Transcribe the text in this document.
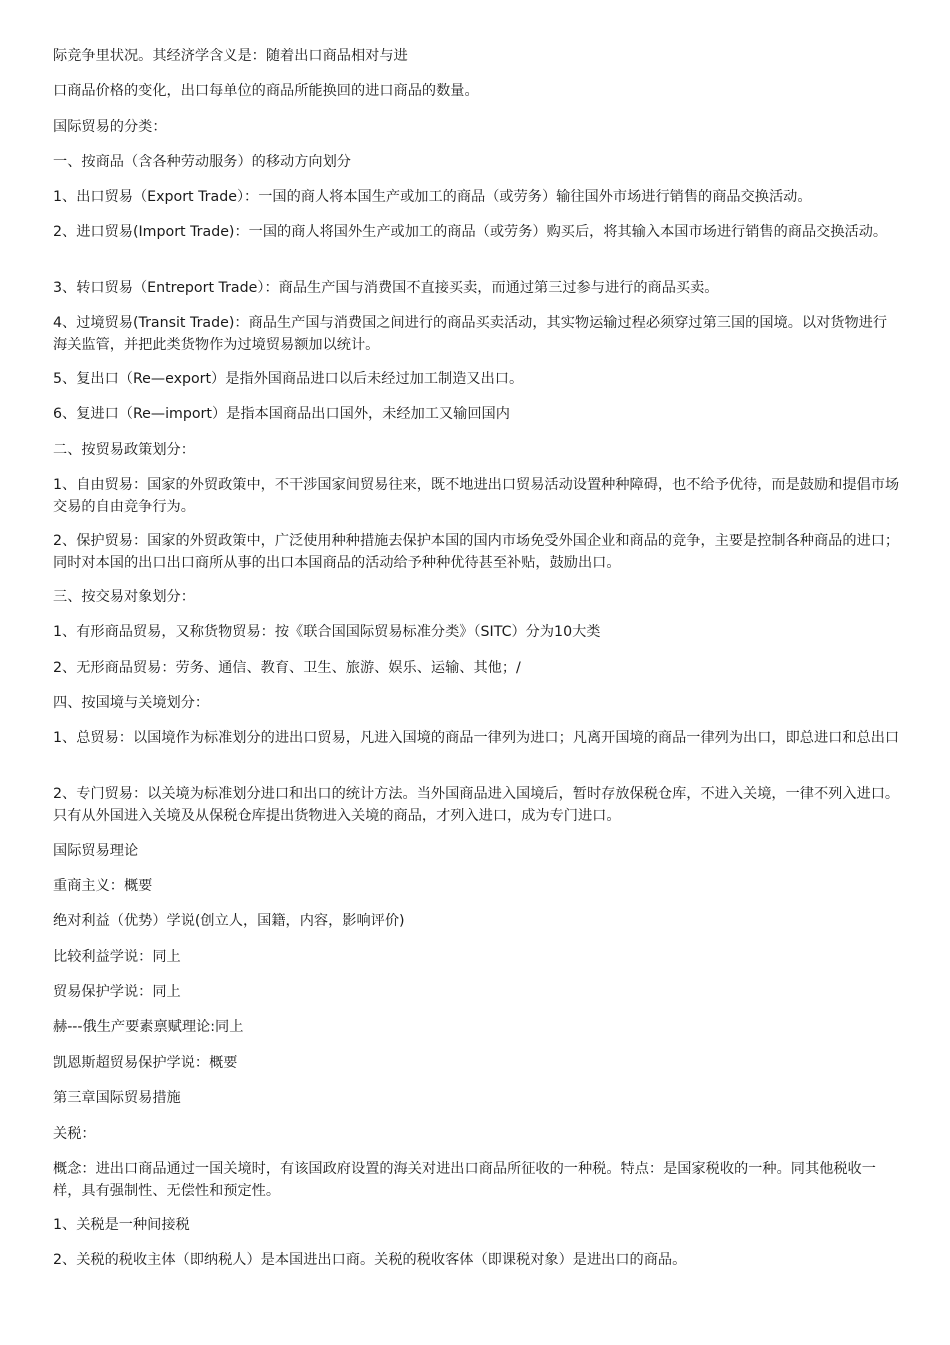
际竞争里状况。其经济学含义是：随着出口商品相对与进

口商品价格的变化，出口每单位的商品所能换回的进口商品的数量。

国际贸易的分类：

一、按商品（含各种劳动服务）的移动方向划分

1、出口贸易（Export Trade）：一国的商人将本国生产或加工的商品（或劳务）输往国外市场进行销售的商品交换活动。

2、进口贸易(Import Trade)：一国的商人将国外生产或加工的商品（或劳务）购买后，将其输入本国市场进行销售的商品交换活动。

3、转口贸易（Entreport Trade）：商品生产国与消费国不直接买卖，而通过第三过参与进行的商品买卖。

4、过境贸易(Transit Trade)：商品生产国与消费国之间进行的商品买卖活动，其实物运输过程必须穿过第三国的国境。以对货物进行海关监管，并把此类货物作为过境贸易额加以统计。

5、复出口（Re—export）是指外国商品进口以后未经过加工制造又出口。

6、复进口（Re—import）是指本国商品出口国外，未经加工又输回国内

二、按贸易政策划分：

1、自由贸易：国家的外贸政策中，不干涉国家间贸易往来，既不地进出口贸易活动设置种种障碍，也不给予优待，而是鼓励和提倡市场交易的自由竞争行为。

2、保护贸易：国家的外贸政策中，广泛使用种种措施去保护本国的国内市场免受外国企业和商品的竞争，主要是控制各种商品的进口；同时对本国的出口出口商所从事的出口本国商品的活动给予种种优待甚至补贴，鼓励出口。

三、按交易对象划分：

1、有形商品贸易，又称货物贸易：按《联合国国际贸易标准分类》（SITC）分为10大类

2、无形商品贸易：劳务、通信、教育、卫生、旅游、娱乐、运输、其他；/

四、按国境与关境划分：

1、总贸易：以国境作为标准划分的进出口贸易，凡进入国境的商品一律列为进口；凡离开国境的商品一律列为出口，即总进口和总出口

2、专门贸易：以关境为标准划分进口和出口的统计方法。当外国商品进入国境后，暂时存放保税仓库，不进入关境，一律不列入进口。只有从外国进入关境及从保税仓库提出货物进入关境的商品，才列入进口，成为专门进口。

国际贸易理论

重商主义：概要

绝对利益（优势）学说(创立人，国籍，内容，影响评价)

比较利益学说：同上

贸易保护学说：同上

赫---俄生产要素禀赋理论:同上

凯恩斯超贸易保护学说：概要

第三章国际贸易措施

关税：

概念：进出口商品通过一国关境时，有该国政府设置的海关对进出口商品所征收的一种税。特点：是国家税收的一种。同其他税收一样，具有强制性、无偿性和预定性。

1、关税是一种间接税

2、关税的税收主体（即纳税人）是本国进出口商。关税的税收客体（即课税对象）是进出口的商品。
